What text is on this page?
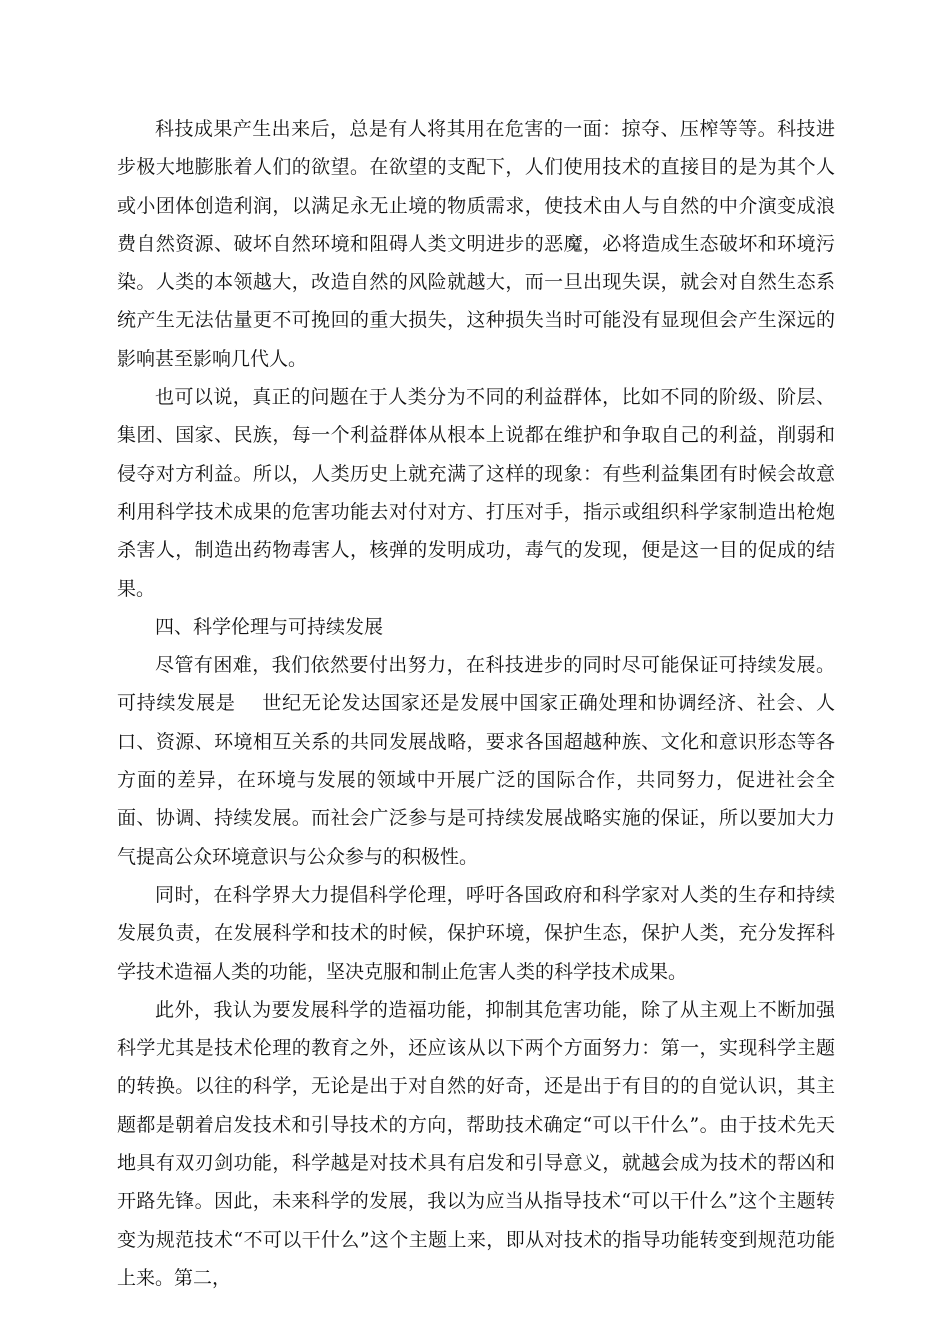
科技成果产生出来后，总是有人将其用在危害的一面：掠夺、压榨等等。科技进步极大地膨胀着人们的欲望。在欲望的支配下，人们使用技术的直接目的是为其个人或小团体创造利润，以满足永无止境的物质需求，使技术由人与自然的中介演变成浪费自然资源、破坏自然环境和阻碍人类文明进步的恶魔，必将造成生态破坏和环境污染。人类的本领越大，改造自然的风险就越大，而一旦出现失误，就会对自然生态系统产生无法估量更不可挽回的重大损失，这种损失当时可能没有显现但会产生深远的影响甚至影响几代人。

也可以说，真正的问题在于人类分为不同的利益群体，比如不同的阶级、阶层、集团、国家、民族，每一个利益群体从根本上说都在维护和争取自己的利益，削弱和侵夺对方利益。所以，人类历史上就充满了这样的现象：有些利益集团有时候会故意利用科学技术成果的危害功能去对付对方、打压对手，指示或组织科学家制造出枪炮杀害人，制造出药物毒害人，核弹的发明成功，毒气的发现，便是这一目的促成的结果。

四、科学伦理与可持续发展

尽管有困难，我们依然要付出努力，在科技进步的同时尽可能保证可持续发展。可持续发展是 世纪无论发达国家还是发展中国家正确处理和协调经济、社会、人口、资源、环境相互关系的共同发展战略，要求各国超越种族、文化和意识形态等各方面的差异，在环境与发展的领域中开展广泛的国际合作，共同努力，促进社会全面、协调、持续发展。而社会广泛参与是可持续发展战略实施的保证，所以要加大力气提高公众环境意识与公众参与的积极性。

同时，在科学界大力提倡科学伦理，呼吁各国政府和科学家对人类的生存和持续发展负责，在发展科学和技术的时候，保护环境，保护生态，保护人类，充分发挥科学技术造福人类的功能，坚决克服和制止危害人类的科学技术成果。

此外，我认为要发展科学的造福功能，抑制其危害功能，除了从主观上不断加强科学尤其是技术伦理的教育之外，还应该从以下两个方面努力：第一，实现科学主题的转换。以往的科学，无论是出于对自然的好奇，还是出于有目的的自觉认识，其主题都是朝着启发技术和引导技术的方向，帮助技术确定“可以干什么”。由于技术先天地具有双刃剑功能，科学越是对技术具有启发和引导意义，就越会成为技术的帮凶和开路先锋。因此，未来科学的发展，我以为应当从指导技术“可以干什么”这个主题转变为规范技术“不可以干什么”这个主题上来，即从对技术的指导功能转变到规范功能上来。第二，
